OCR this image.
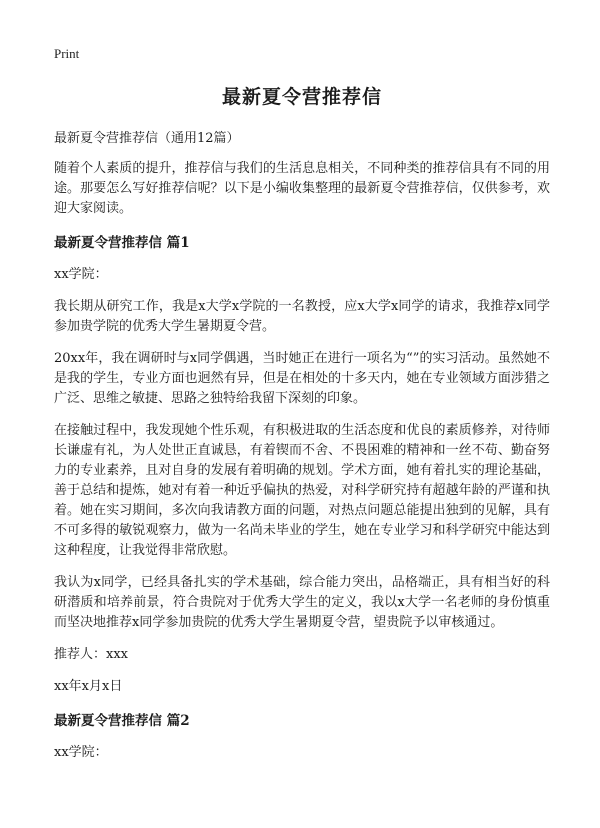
Print
最新夏令营推荐信
最新夏令营推荐信（通用12篇）

随着个人素质的提升，推荐信与我们的生活息息相关，不同种类的推荐信具有不同的用途。那要怎么写好推荐信呢？以下是小编收集整理的最新夏令营推荐信，仅供参考，欢迎大家阅读。

最新夏令营推荐信 篇1

xx学院：

我长期从研究工作，我是x大学x学院的一名教授，应x大学x同学的请求，我推荐x同学参加贵学院的优秀大学生暑期夏令营。

20xx年，我在调研时与x同学偶遇，当时她正在进行一项名为“”的实习活动。虽然她不是我的学生，专业方面也迥然有异，但是在相处的十多天内，她在专业领域方面涉猎之广泛、思维之敏捷、思路之独特给我留下深刻的印象。

在接触过程中，我发现她个性乐观，有积极进取的生活态度和优良的素质修养，对待师长谦虚有礼，为人处世正直诚恳，有着锲而不舍、不畏困难的精神和一丝不苟、勤奋努力的专业素养，且对自身的发展有着明确的规划。学术方面，她有着扎实的理论基础，善于总结和提炼，她对有着一种近乎偏执的热爱，对科学研究持有超越年龄的严谨和执着。她在实习期间，多次向我请教方面的问题，对热点问题总能提出独到的见解，具有不可多得的敏锐观察力，做为一名尚未毕业的学生，她在专业学习和科学研究中能达到这种程度，让我觉得非常欣慰。

我认为x同学，已经具备扎实的学术基础，综合能力突出，品格端正，具有相当好的科研潜质和培养前景，符合贵院对于优秀大学生的定义，我以x大学一名老师的身份慎重而坚决地推荐x同学参加贵院的优秀大学生暑期夏令营，望贵院予以审核通过。

推荐人：xxx

xx年x月x日

最新夏令营推荐信 篇2

xx学院：
